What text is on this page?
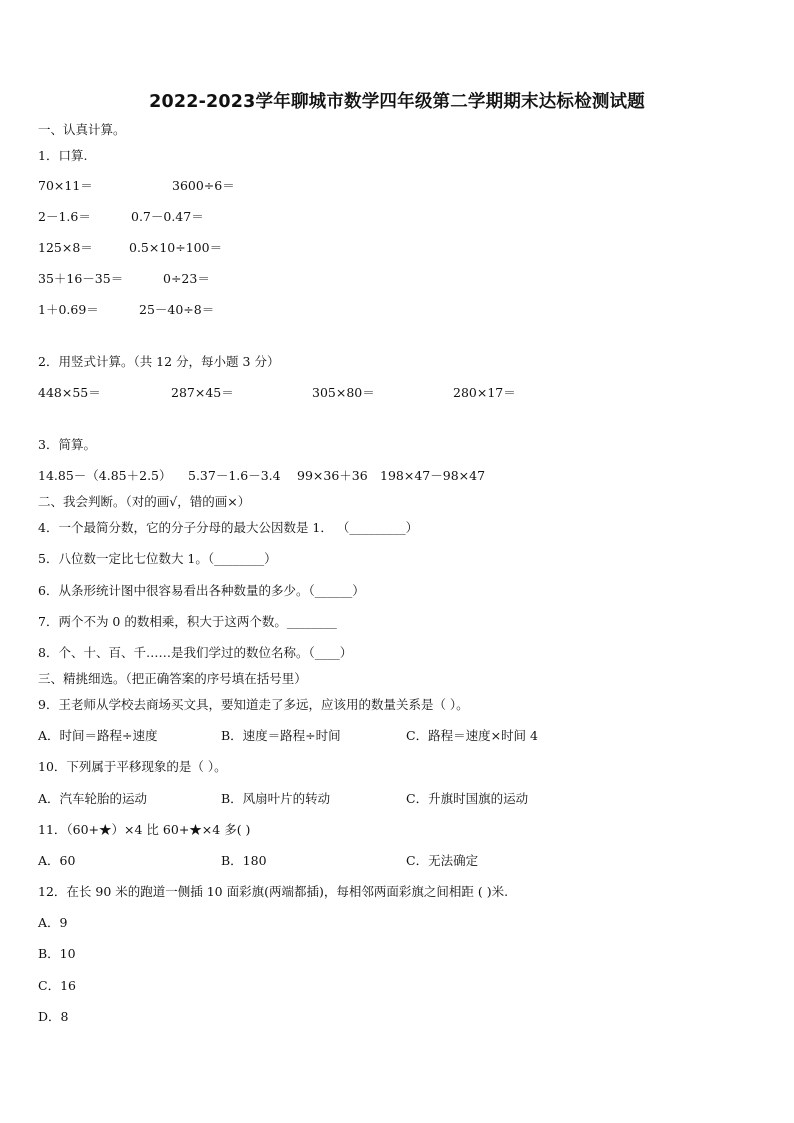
2022-2023学年聊城市数学四年级第二学期期末达标检测试题
一、认真计算。
1．口算.
70×11＝	3600÷6＝
2－1.6＝	0.7－0.47＝
125×8＝	0.5×10÷100＝
35＋16－35＝	0÷23＝
1＋0.69＝	25－40÷8＝
2．用竖式计算。（共 12 分，每小题 3 分）
448×55＝	287×45＝	305×80＝	280×17＝
3．简算。
14.85－（4.85＋2.5） 5.37－1.6－3.4 99×36＋36 198×47－98×47
二、我会判断。（对的画√，错的画×）
4．一个最简分数，它的分子分母的最大公因数是 1． （_________）
5．八位数一定比七位数大 1。（________）
6．从条形统计图中很容易看出各种数量的多少。（______）
7．两个不为 0 的数相乘，积大于这两个数。________
8．个、十、百、千……是我们学过的数位名称。（____）
三、精挑细选。（把正确答案的序号填在括号里）
9．王老师从学校去商场买文具，要知道走了多远，应该用的数量关系是（ ）。
A．时间＝路程÷速度	B．速度＝路程÷时间	C．路程＝速度×时间 4
10．下列属于平移现象的是（ ）。
A．汽车轮胎的运动	B．风扇叶片的转动	C．升旗时国旗的运动
11．（60+★）×4 比 60+★×4 多( )
A．60	B．180	C．无法确定
12．在长 90 米的跑道一侧插 10 面彩旗(两端都插)，每相邻两面彩旗之间相距 ( )米.
A．9
B．10
C．16
D．8
